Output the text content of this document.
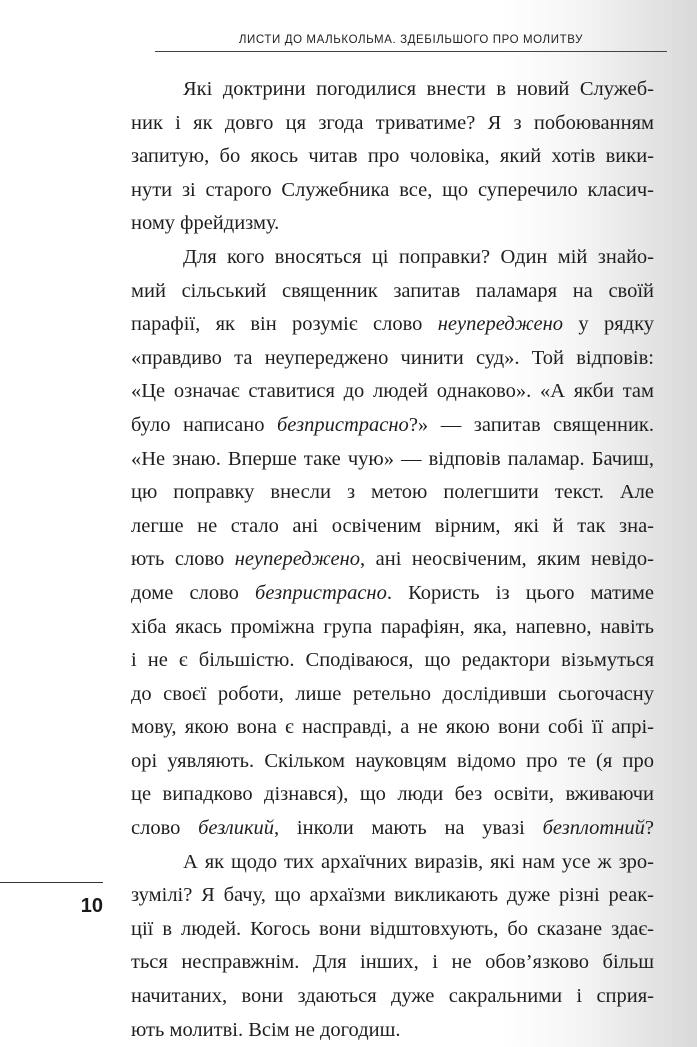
ЛИСТИ ДО МАЛЬКОЛЬМА. ЗДЕБІЛЬШОГО ПРО МОЛИТВУ
Які доктрини погодилися внести в новий Служеб-
ник і як довго ця згода триватиме? Я з побоюванням
запитую, бо якось читав про чоловіка, який хотів вики-
нути зі старого Служебника все, що суперечило класич-
ному фрейдизму.
Для кого вносяться ці поправки? Один мій знайо-
мий сільський священник запитав паламаря на своїй
парафії, як він розуміє слово неупереджено у рядку
«правдиво та неупереджено чинити суд». Той відповів:
«Це означає ставитися до людей однаково». «А якби там
було написано безпристрасно?» — запитав священник.
«Не знаю. Вперше таке чую» — відповів паламар. Бачиш,
цю поправку внесли з метою полегшити текст. Але
легше не стало ані освіченим вірним, які й так зна-
ють слово неупереджено, ані неосвіченим, яким невідо-
доме слово безпристрасно. Користь із цього матиме
хіба якась проміжна група парафіян, яка, напевно, навіть
і не є більшістю. Сподіваюся, що редактори візьмуться
до своєї роботи, лише ретельно дослідивши сьогочасну
мову, якою вона є насправді, а не якою вони собі її апрі-
орі уявляють. Скільком науковцям відомо про те (я про
це випадково дізнався), що люди без освіти, вживаючи
слово безликий, інколи мають на увазі безплотний?
А як щодо тих архаїчних виразів, які нам усе ж зро-
зумілі? Я бачу, що архаїзми викликають дуже різні реак-
ції в людей. Когось вони відштовхують, бо сказане здає-
ться несправжнім. Для інших, і не обов’язково більш
начитаних, вони здаються дуже сакральними і сприя-
ють молитві. Всім не догодиш.
10
